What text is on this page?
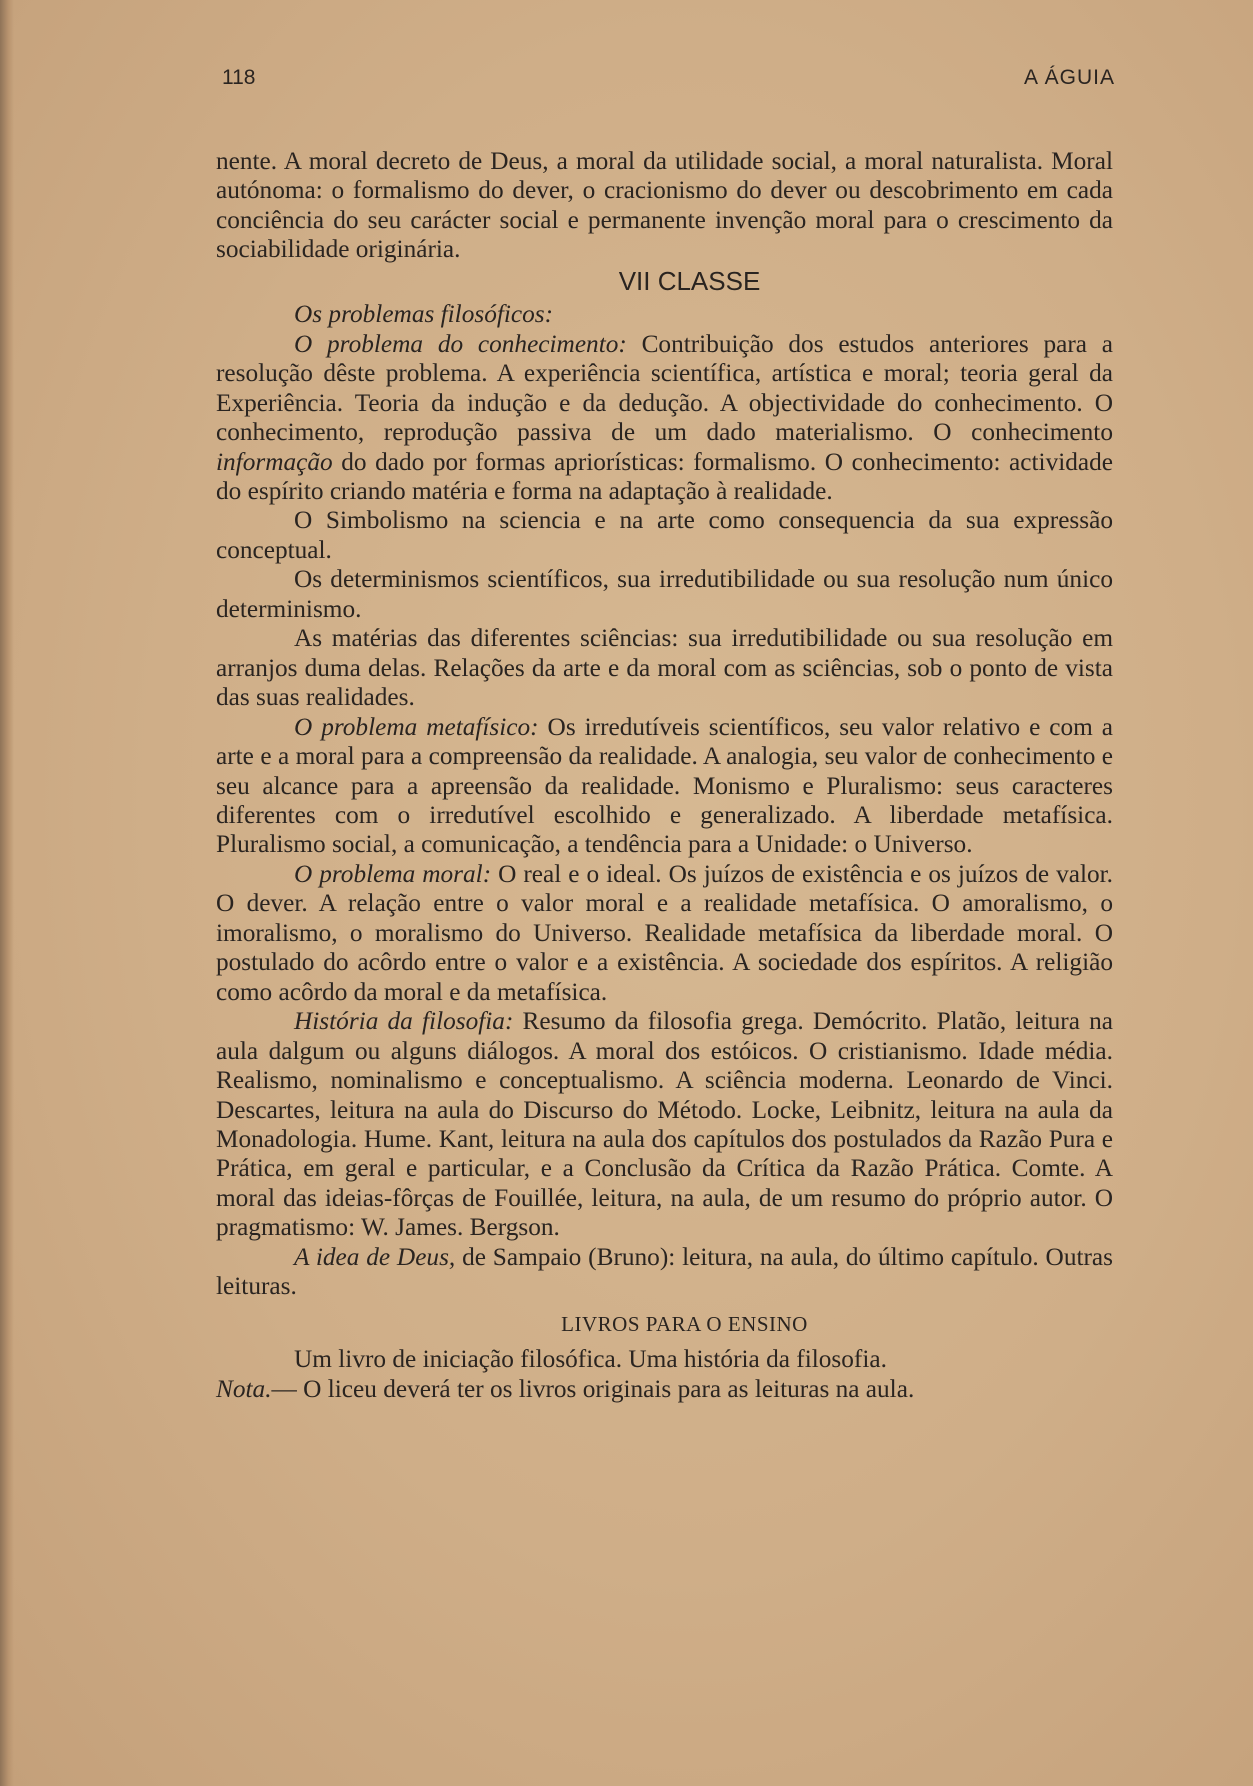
118	A ÁGUIA

nente. A moral decreto de Deus, a moral da utilidade social, a moral naturalista. Moral autónoma: o formalismo do dever, o cracionismo do dever ou descobrimento em cada conciência do seu carácter social e permanente invenção moral para o crescimento da sociabilidade originária.

VII CLASSE

Os problemas filosóficos:

O problema do conhecimento: Contribuição dos estudos anteriores para a resolução dêste problema. A experiência scientífica, artística e moral; teoria geral da Experiência. Teoria da indução e da dedução. A objectividade do conhecimento. O conhecimento, reprodução passiva de um dado materialismo. O conhecimento informação do dado por formas apriorísticas: formalismo. O conhecimento: actividade do espírito criando matéria e forma na adaptação à realidade.

O Simbolismo na sciencia e na arte como consequencia da sua expressão conceptual.

Os determinismos scientíficos, sua irredutibilidade ou sua resolução num único determinismo.

As matérias das diferentes sciências: sua irredutibilidade ou sua resolução em arranjos duma delas. Relações da arte e da moral com as sciências, sob o ponto de vista das suas realidades.

O problema metafísico: Os irredutíveis scientíficos, seu valor relativo e com a arte e a moral para a compreensão da realidade. A analogia, seu valor de conhecimento e seu alcance para a apreensão da realidade. Monismo e Pluralismo: seus caracteres diferentes com o irredutível escolhido e generalizado. A liberdade metafísica. Pluralismo social, a comunicação, a tendência para a Unidade: o Universo.

O problema moral: O real e o ideal. Os juízos de existência e os juízos de valor. O dever. A relação entre o valor moral e a realidade metafísica. O amoralismo, o imoralismo, o moralismo do Universo. Realidade metafísica da liberdade moral. O postulado do acôrdo entre o valor e a existência. A sociedade dos espíritos. A religião como acôrdo da moral e da metafísica.

História da filosofia: Resumo da filosofia grega. Demócrito. Platão, leitura na aula dalgum ou alguns diálogos. A moral dos estóicos. O cristianismo. Idade média. Realismo, nominalismo e conceptualismo. A sciência moderna. Leonardo de Vinci. Descartes, leitura na aula do Discurso do Método. Locke, Leibnitz, leitura na aula da Monadologia. Hume. Kant, leitura na aula dos capítulos dos postulados da Razão Pura e Prática, em geral e particular, e a Conclusão da Crítica da Razão Prática. Comte. A moral das ideias-fôrças de Fouillée, leitura, na aula, de um resumo do próprio autor. O pragmatismo: W. James. Bergson.

A idea de Deus, de Sampaio (Bruno): leitura, na aula, do último capítulo. Outras leituras.

LIVROS PARA O ENSINO

Um livro de iniciação filosófica. Uma história da filosofia.

Nota.— O liceu deverá ter os livros originais para as leituras na aula.
